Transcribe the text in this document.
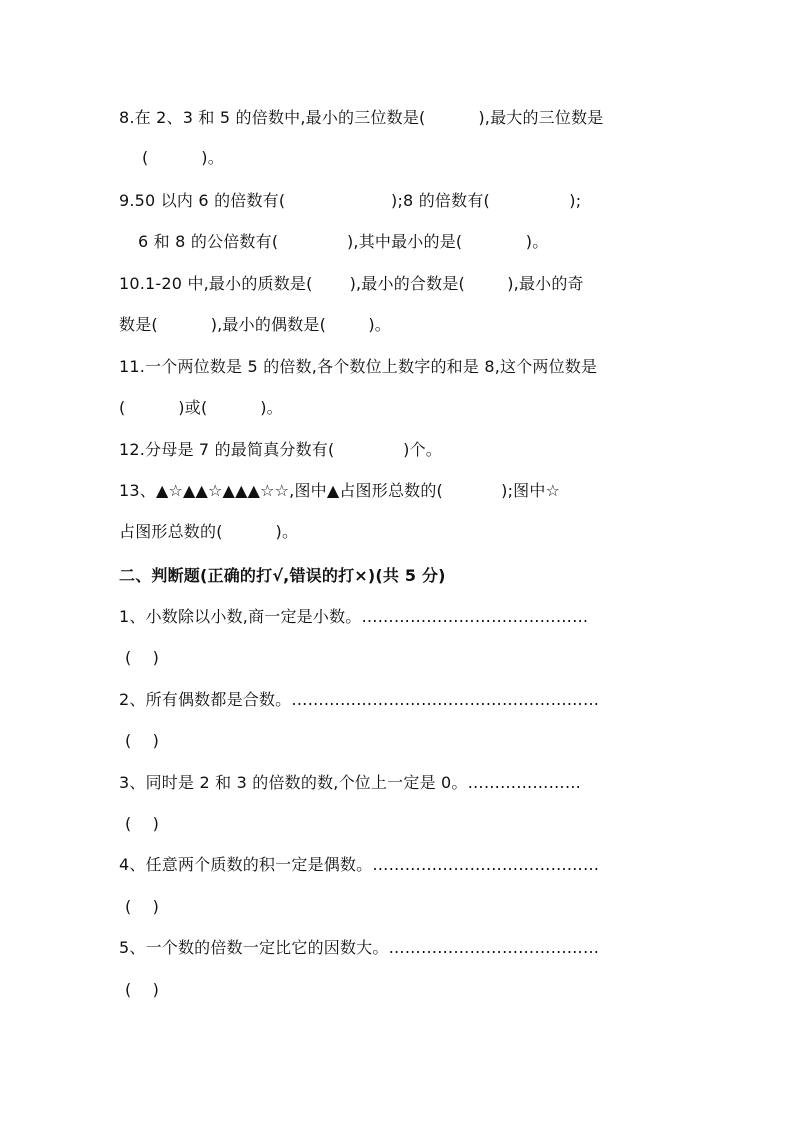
8.在 2、3 和 5 的倍数中,最小的三位数是(          ),最大的三位数是
(          )。
9.50 以内 6 的倍数有(                    );8 的倍数有(               );
6 和 8 的公倍数有(             ),其中最小的是(            )。
10.1-20 中,最小的质数是(       ),最小的合数是(        ),最小的奇
数是(          ),最小的偶数是(        )。
11.一个两位数是 5 的倍数,各个数位上数字的和是 8,这个两位数是
(          )或(          )。
12.分母是 7 的最简真分数有(             )个。
13、▲☆▲▲☆▲▲▲☆☆,图中▲占图形总数的(           );图中☆
占图形总数的(          )。
二、判断题(正确的打√,错误的打×)(共 5 分)
1、小数除以小数,商一定是小数。……………………………………
(    )
2、所有偶数都是合数。…………………………………………………
(    )
3、同时是 2 和 3 的倍数的数,个位上一定是 0。…………………
(    )
4、任意两个质数的积一定是偶数。……………………………………
(    )
5、一个数的倍数一定比它的因数大。…………………………………
(    )
